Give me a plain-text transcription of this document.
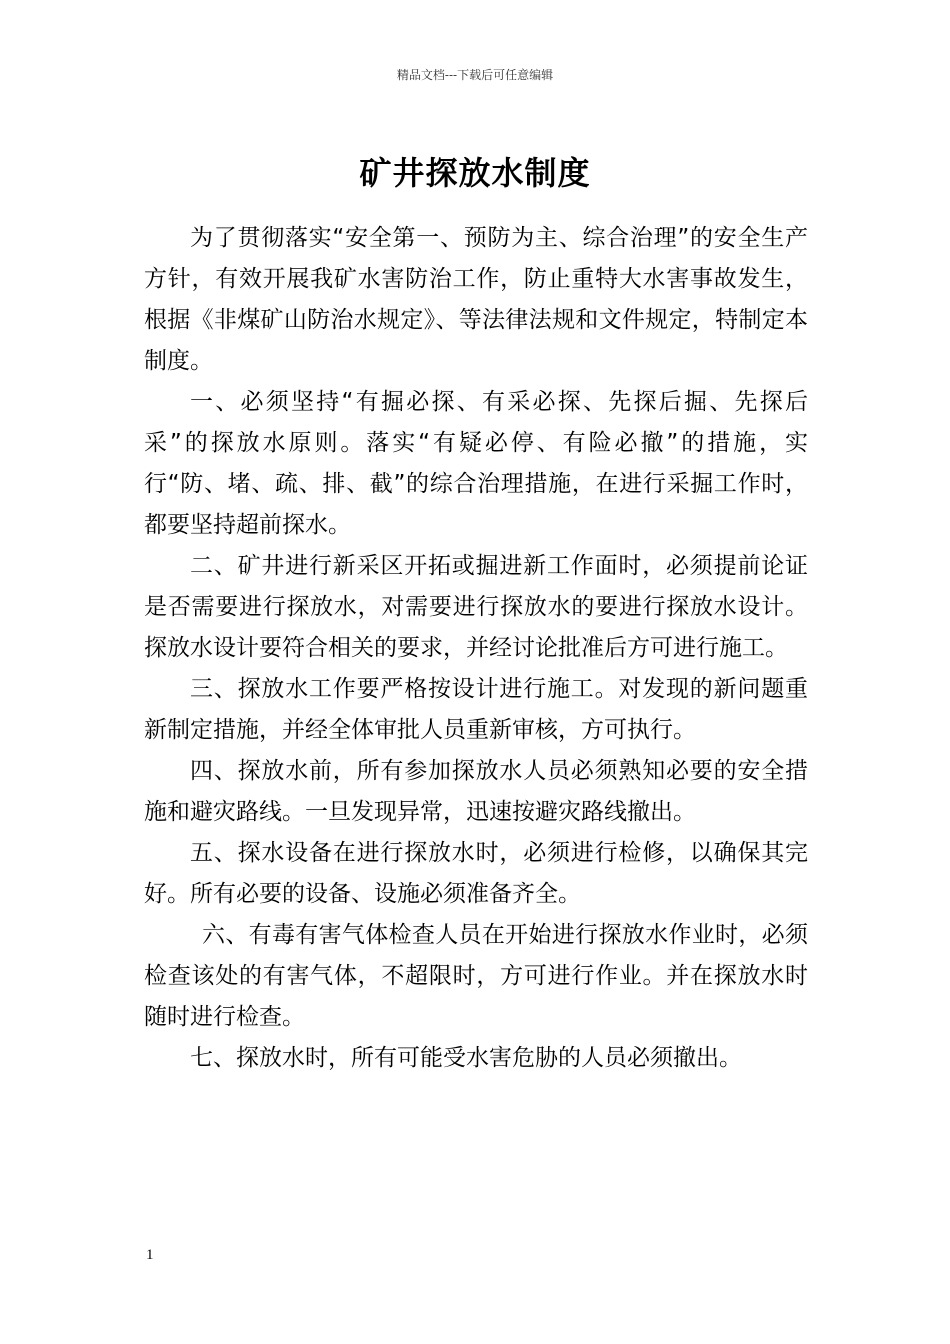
精品文档---下载后可任意编辑
矿井探放水制度

为了贯彻落实“安全第一、预防为主、综合治理”的安全生产方针，有效开展我矿水害防治工作，防止重特大水害事故发生，根据《非煤矿山防治水规定》、等法律法规和文件规定，特制定本制度。

一、必须坚持“有掘必探、有采必探、先探后掘、先探后采”的探放水原则。落实“有疑必停、有险必撤”的措施，实行“防、堵、疏、排、截”的综合治理措施，在进行采掘工作时，都要坚持超前探水。

二、矿井进行新采区开拓或掘进新工作面时，必须提前论证是否需要进行探放水，对需要进行探放水的要进行探放水设计。探放水设计要符合相关的要求，并经讨论批准后方可进行施工。

三、探放水工作要严格按设计进行施工。对发现的新问题重新制定措施，并经全体审批人员重新审核，方可执行。

四、探放水前，所有参加探放水人员必须熟知必要的安全措施和避灾路线。一旦发现异常，迅速按避灾路线撤出。

五、探水设备在进行探放水时，必须进行检修，以确保其完好。所有必要的设备、设施必须准备齐全。

六、有毒有害气体检查人员在开始进行探放水作业时，必须检查该处的有害气体，不超限时，方可进行作业。并在探放水时随时进行检查。

七、探放水时，所有可能受水害危胁的人员必须撤出。

1
